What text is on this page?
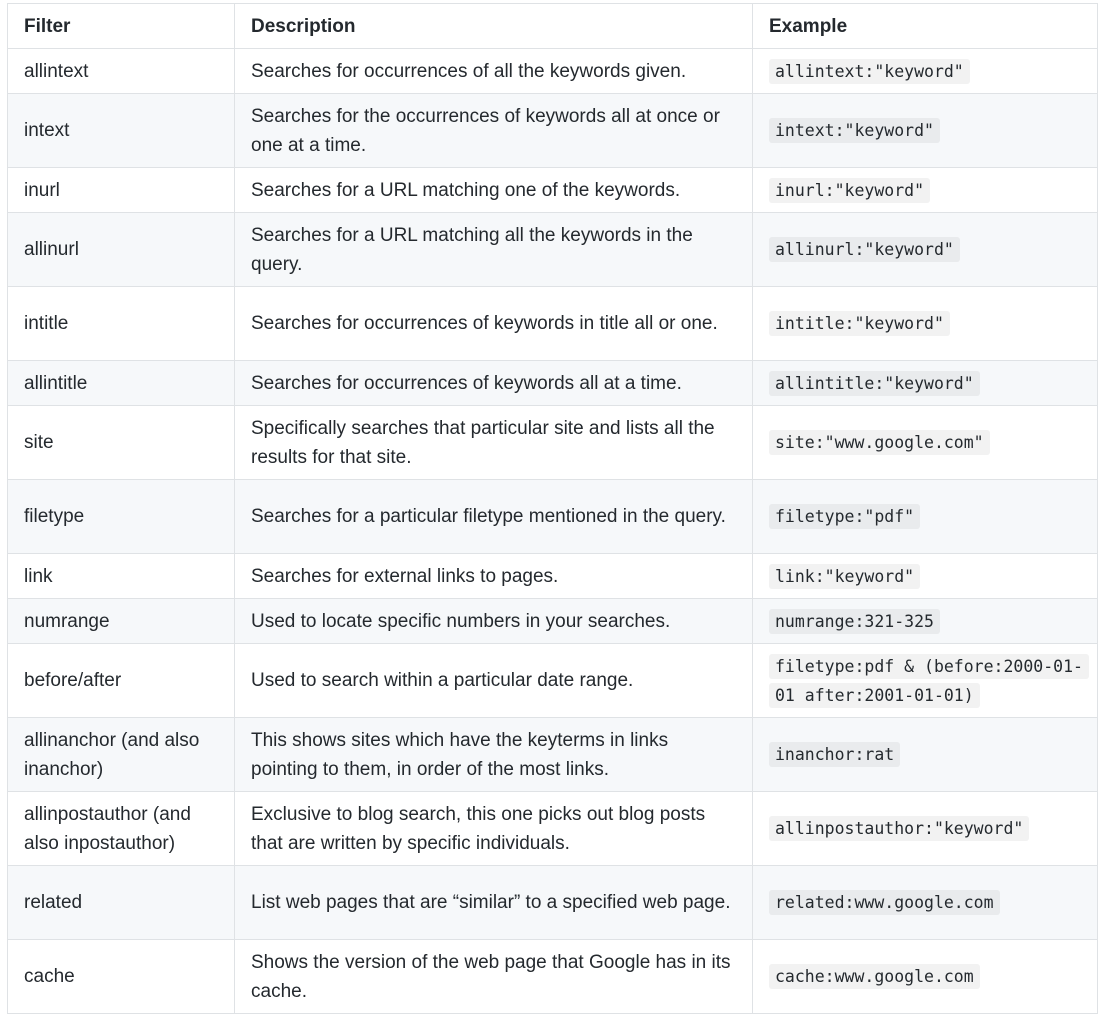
Filter	Description	Example
allintext	Searches for occurrences of all the keywords given.	allintext:"keyword"
intext	Searches for the occurrences of keywords all at once or one at a time.	intext:"keyword"
inurl	Searches for a URL matching one of the keywords.	inurl:"keyword"
allinurl	Searches for a URL matching all the keywords in the query.	allinurl:"keyword"
intitle	Searches for occurrences of keywords in title all or one.	intitle:"keyword"
allintitle	Searches for occurrences of keywords all at a time.	allintitle:"keyword"
site	Specifically searches that particular site and lists all the results for that site.	site:"www.google.com"
filetype	Searches for a particular filetype mentioned in the query.	filetype:"pdf"
link	Searches for external links to pages.	link:"keyword"
numrange	Used to locate specific numbers in your searches.	numrange:321-325
before/after	Used to search within a particular date range.	filetype:pdf & (before:2000-01-01 after:2001-01-01)
allinanchor (and also inanchor)	This shows sites which have the keyterms in links pointing to them, in order of the most links.	inanchor:rat
allinpostauthor (and also inpostauthor)	Exclusive to blog search, this one picks out blog posts that are written by specific individuals.	allinpostauthor:"keyword"
related	List web pages that are “similar” to a specified web page.	related:www.google.com
cache	Shows the version of the web page that Google has in its cache.	cache:www.google.com
